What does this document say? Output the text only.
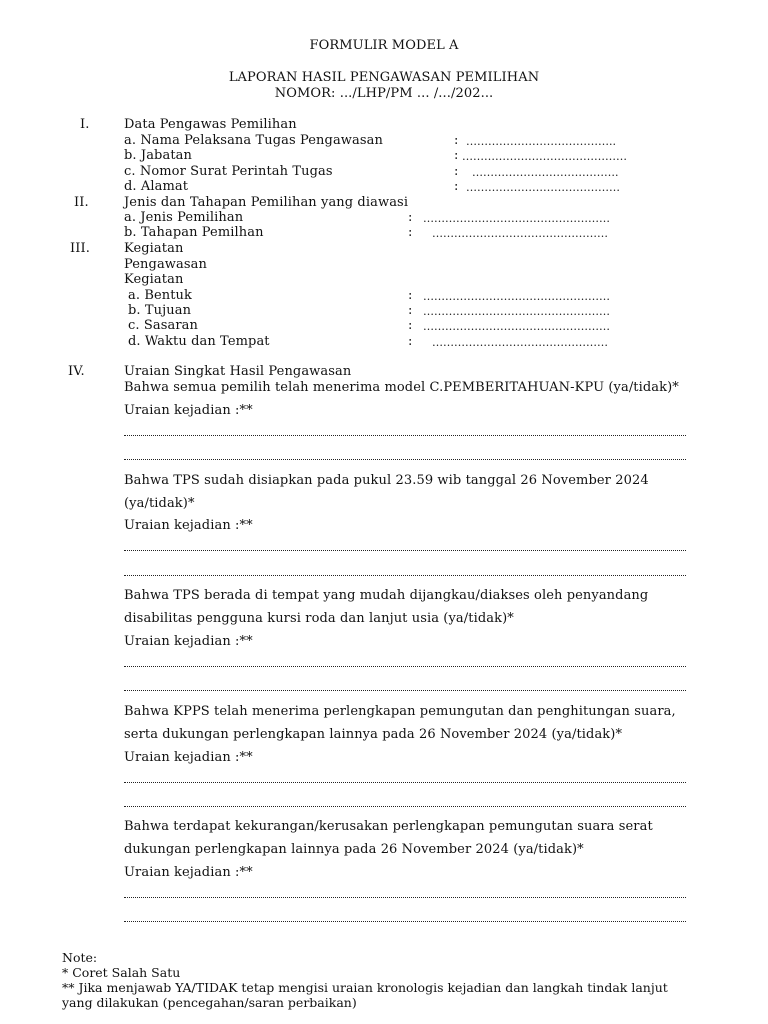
FORMULIR MODEL A
LAPORAN HASIL PENGAWASAN PEMILIHAN
NOMOR: .../LHP/PM ... /.../202...
I.	Data Pengawas Pemilihan
a. Nama Pelaksana Tugas Pengawasan	: …………………………………..
b. Jabatan	: ………………………………………
c. Nomor Surat Perintah Tugas	: ………………………………….
d. Alamat	: ……………………………………
II.	Jenis dan Tahapan Pemilihan yang diawasi
a. Jenis Pemilihan	: ……………………………………………
b. Tahapan Pemilhan	: …………………………………………
III.	Kegiatan
Pengawasan
Kegiatan
a. Bentuk	: ……………………………………………
b. Tujuan	: ……………………………………………
c. Sasaran	: ……………………………………………
d. Waktu dan Tempat	: …………………………………………
IV.	Uraian Singkat Hasil Pengawasan
Bahwa semua pemilih telah menerima model C.PEMBERITAHUAN-KPU (ya/tidak)*
Uraian kejadian :**
Bahwa TPS sudah disiapkan pada pukul 23.59 wib tanggal 26 November 2024
(ya/tidak)*
Uraian kejadian :**
Bahwa TPS berada di tempat yang mudah dijangkau/diakses oleh penyandang
disabilitas pengguna kursi roda dan lanjut usia (ya/tidak)*
Uraian kejadian :**
Bahwa KPPS telah menerima perlengkapan pemungutan dan penghitungan suara,
serta dukungan perlengkapan lainnya pada 26 November 2024 (ya/tidak)*
Uraian kejadian :**
Bahwa terdapat kekurangan/kerusakan perlengkapan pemungutan suara serat
dukungan perlengkapan lainnya pada 26 November 2024 (ya/tidak)*
Uraian kejadian :**
Note:
* Coret Salah Satu
** Jika menjawab YA/TIDAK tetap mengisi uraian kronologis kejadian dan langkah tindak lanjut
yang dilakukan (pencegahan/saran perbaikan)
